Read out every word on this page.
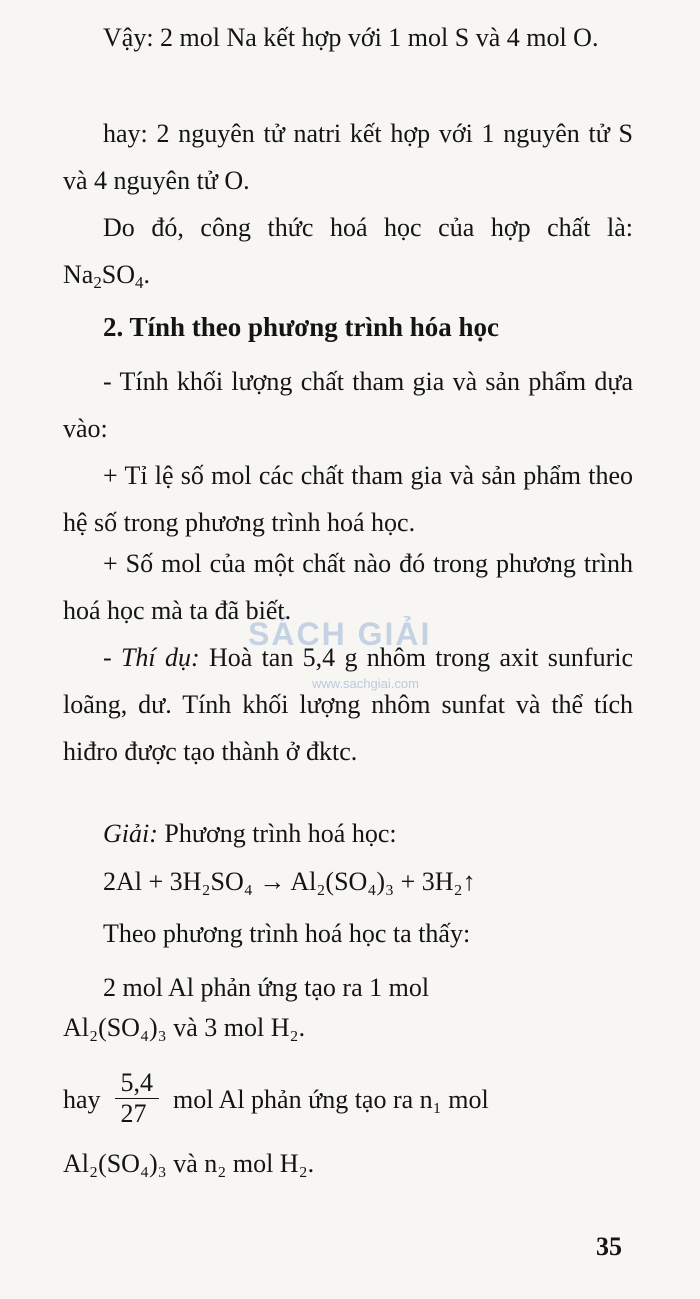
Vậy: 2 mol Na kết hợp với 1 mol S và 4 mol O.

hay: 2 nguyên tử natri kết hợp với 1 nguyên tử S và 4 nguyên tử O.

Do đó, công thức hoá học của hợp chất là: $Na_2SO_4$.

2. Tính theo phương trình hóa học

- Tính khối lượng chất tham gia và sản phẩm dựa vào:

+ Tỉ lệ số mol các chất tham gia và sản phẩm theo hệ số trong phương trình hoá học.

+ Số mol của một chất nào đó trong phương trình hoá học mà ta đã biết.

- Thí dụ: Hoà tan 5,4 g nhôm trong axit sunfuric loãng, dư. Tính khối lượng nhôm sunfat và thể tích hiđro được tạo thành ở đktc.

Giải: Phương trình hoá học:

2Al + 3H₂SO₄ → Al₂(SO₄)₃ + 3H₂↑

Theo phương trình hoá học ta thấy:

2 mol Al phản ứng tạo ra 1 mol

Al₂(SO₄)₃ và 3 mol H₂.

hay $\frac{5,4}{27}$ mol Al phản ứng tạo ra n₁ mol

Al₂(SO₄)₃ và n₂ mol H₂.

35
SÁCH GIẢI
www.sachgiai.com
